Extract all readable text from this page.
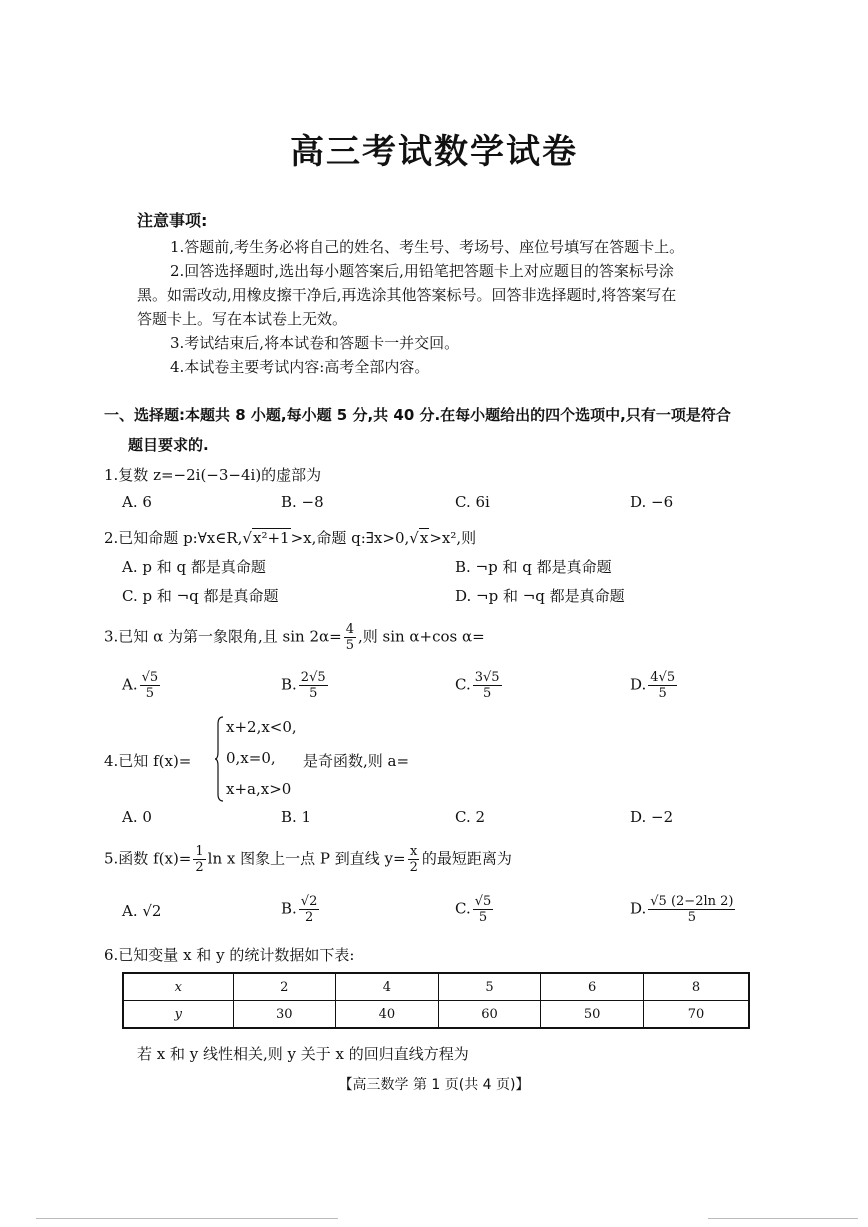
高三考试数学试卷
注意事项:
1.答题前,考生务必将自己的姓名、考生号、考场号、座位号填写在答题卡上。
2.回答选择题时,选出每小题答案后,用铅笔把答题卡上对应题目的答案标号涂
黑。如需改动,用橡皮擦干净后,再选涂其他答案标号。回答非选择题时,将答案写在
答题卡上。写在本试卷上无效。
3.考试结束后,将本试卷和答题卡一并交回。
4.本试卷主要考试内容:高考全部内容。
一、选择题:本题共 8 小题,每小题 5 分,共 40 分.在每小题给出的四个选项中,只有一项是符合
题目要求的.
1.复数 z=−2i(−3−4i)的虚部为
A. 6	B. −8	C. 6i	D. −6
2.已知命题 p:∀x∈R,√x²+1>x,命题 q:∃x>0,√x>x²,则
A. p 和 q 都是真命题	B. ¬p 和 q 都是真命题
C. p 和 ¬q 都是真命题	D. ¬p 和 ¬q 都是真命题
3.已知 α 为第一象限角,且 $\sin 2\alpha= \frac{4}{5}$ ,则 sin α+cos α=
A. $\frac{√5}{5}$	B. $\frac{2√5}{5}$	C. $\frac{3√5}{5}$	D. $\frac{4√5}{5}$
4.已知 f(x)=
x+2,x<0,
0,x=0,
x+a,x>0
是奇函数,则 a=
A. 0	B. 1	C. 2	D. −2
5.函数 $f(x)= \frac{1}{2}$ ln x 图象上一点 P 到直线 $y= \frac{x}{2}$ 的最短距离为
A. √2	B. $\frac{√2}{2}$	C. $\frac{√5}{5}$	D. $\frac{√5 (2-2\ln 2)}{5}$
6.已知变量 x 和 y 的统计数据如下表:
x	2	4	5	6	8
y	30	40	60	50	70
若 x 和 y 线性相关,则 y 关于 x 的回归直线方程为
【高三数学 第 1 页(共 4 页)】
